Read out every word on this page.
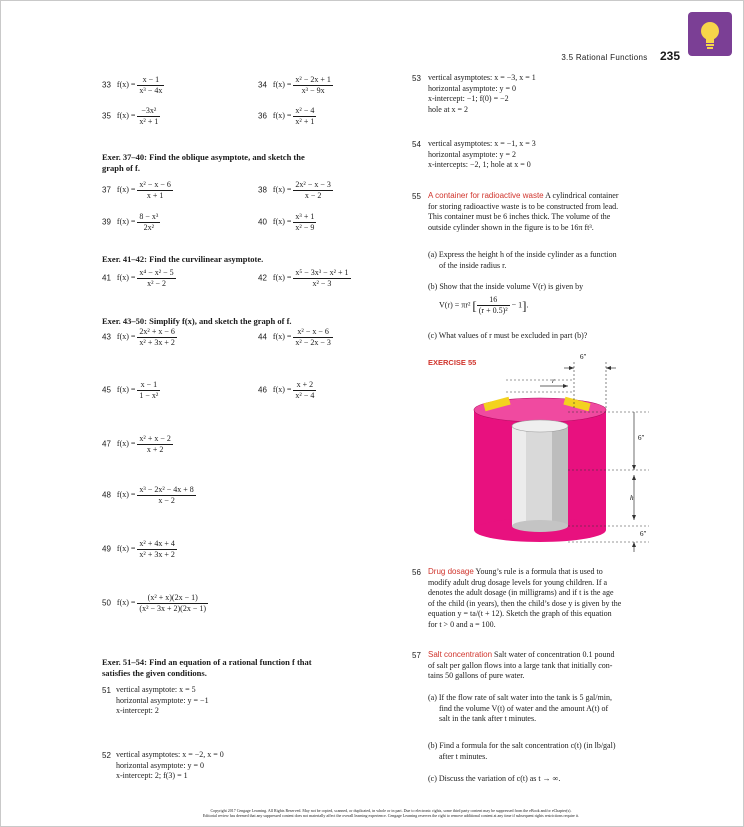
3.5 Rational Functions 235
33 $f(x) = \frac{x - 1}{\text{x³ − 4x}}$	34 $f(x) = \frac{\text{x² − 2x + 1}}{\text{x³ − 9x}}$
35 $f(x) = \frac{\text{−3x²}}{\text{x² + 1}}$	36 $f(x) = \frac{\text{x² − 4}}{\text{x² + 1}}$
Exer. 37–40: Find the oblique asymptote, and sketch the
graph of f.
37 $f(x) = \frac{\text{x² − x − 6}}{x + 1}$	38 $f(x) = \frac{\text{2x² − x − 3}}{x - 2}$
39 $f(x) = \frac{\text{8 − x³}}{\text{2x²}}$	40 $f(x) = \frac{\text{x³ + 1}}{\text{x² − 9}}$
Exer. 41–42: Find the curvilinear asymptote.
41 $f(x) = \frac{\text{x⁴ − x² − 5}}{\text{x² − 2}}$	42 $f(x) = \frac{\text{x⁵ − 3x³ − x² + 1}}{\text{x² − 3}}$
Exer. 43–50: Simplify f(x), and sketch the graph of f.
43 $f(x) = \frac{\text{2x² + x − 6}}{\text{x² + 3x + 2}}$	44 $f(x) = \frac{\text{x² − x − 6}}{\text{x² − 2x − 3}}$
45 $f(x) = \frac{x - 1}{\text{1 − x²}}$	46 $f(x) = \frac{x + 2}{\text{x² − 4}}$
47 $f(x) = \frac{\text{x² + x − 2}}{x + 2}$
48 $f(x) = \frac{\text{x³ − 2x² − 4x + 8}}{x - 2}$
49 $f(x) = \frac{\text{x² + 4x + 4}}{\text{x² + 3x + 2}}$
50 $f(x) = \frac{\text{(x² + x)(2x − 1)}}{\text{(x² − 3x + 2)(2x − 1)}}$
Exer. 51–54: Find an equation of a rational function f that
satisfies the given conditions.
51 vertical asymptote: x = 5
horizontal asymptote: y = −1
x-intercept: 2
52 vertical asymptotes: x = −2, x = 0
horizontal asymptote: y = 0
x-intercept: 2; f(3) = 1
53 vertical asymptotes: x = −3, x = 1
horizontal asymptote: y = 0
x-intercept: −1; f(0) = −2
hole at x = 2
54 vertical asymptotes: x = −1, x = 3
horizontal asymptote: y = 2
x-intercepts: −2, 1; hole at x = 0
55 A container for radioactive waste A cylindrical container
for storing radioactive waste is to be constructed from lead.
This container must be 6 inches thick. The volume of the
outside cylinder shown in the figure is to be 16π ft³.
(a) Express the height h of the inside cylinder as a function
of the inside radius r.
(b) Show that the inside volume V(r) is given by
V(r) = πr² [ $\frac{16}{\text{(r + 0.5)²}} - 1$].
(c) What values of r must be excluded in part (b)?
EXERCISE 55
6″
r
6″
h
6″
56 Drug dosage Young’s rule is a formula that is used to
modify adult drug dosage levels for young children. If a
denotes the adult dosage (in milligrams) and if t is the age
of the child (in years), then the child’s dose y is given by the
equation y = ta/(t + 12). Sketch the graph of this equation
for t > 0 and a = 100.
57 Salt concentration Salt water of concentration 0.1 pound
of salt per gallon flows into a large tank that initially con-
tains 50 gallons of pure water.
(a) If the flow rate of salt water into the tank is 5 gal/min,
find the volume V(t) of water and the amount A(t) of
salt in the tank after t minutes.
(b) Find a formula for the salt concentration c(t) (in lb/gal)
after t minutes.
(c) Discuss the variation of c(t) as t → ∞.
Copyright 2017 Cengage Learning. All Rights Reserved. May not be copied, scanned, or duplicated, in whole or in part. Due to electronic rights, some third party content may be suppressed from the eBook and/or eChapter(s).
Editorial review has deemed that any suppressed content does not materially affect the overall learning experience. Cengage Learning reserves the right to remove additional content at any time if subsequent rights restrictions require it.
